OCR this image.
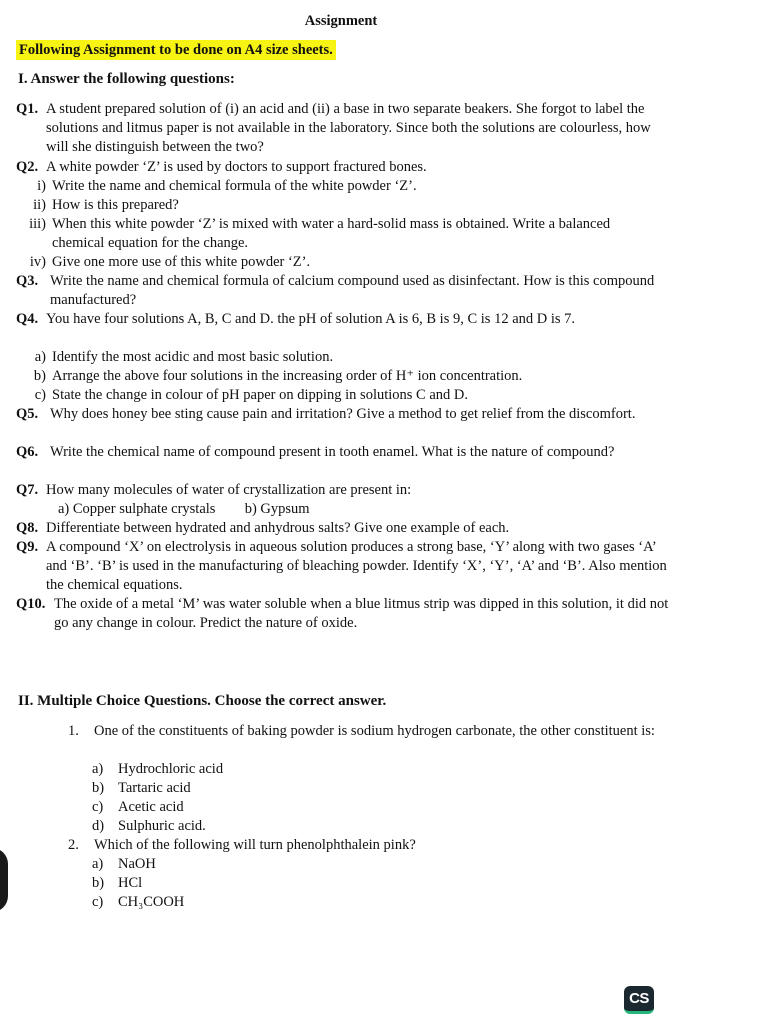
Assignment
Following Assignment to be done on A4 size sheets.
I. Answer the following questions:
Q1. A student prepared solution of (i) an acid and (ii) a base in two separate beakers. She forgot to label the solutions and litmus paper is not available in the laboratory. Since both the solutions are colourless, how will she distinguish between the two?
Q2. A white powder ‘Z’ is used by doctors to support fractured bones.
i) Write the name and chemical formula of the white powder ‘Z’.
ii) How is this prepared?
iii) When this white powder ‘Z’ is mixed with water a hard-solid mass is obtained. Write a balanced chemical equation for the change.
iv) Give one more use of this white powder ‘Z’.
Q3. Write the name and chemical formula of calcium compound used as disinfectant. How is this compound manufactured?
Q4. You have four solutions A, B, C and D. the pH of solution A is 6, B is 9, C is 12 and D is 7.
a) Identify the most acidic and most basic solution.
b) Arrange the above four solutions in the increasing order of H⁺ ion concentration.
c) State the change in colour of pH paper on dipping in solutions C and D.
Q5. Why does honey bee sting cause pain and irritation? Give a method to get relief from the discomfort.
Q6. Write the chemical name of compound present in tooth enamel. What is the nature of compound?
Q7. How many molecules of water of crystallization are present in:
a) Copper sulphate crystals b) Gypsum
Q8. Differentiate between hydrated and anhydrous salts? Give one example of each.
Q9. A compound ‘X’ on electrolysis in aqueous solution produces a strong base, ‘Y’ along with two gases ‘A’ and ‘B’. ‘B’ is used in the manufacturing of bleaching powder. Identify ‘X’, ‘Y’, ‘A’ and ‘B’. Also mention the chemical equations.
Q10. The oxide of a metal ‘M’ was water soluble when a blue litmus strip was dipped in this solution, it did not go any change in colour. Predict the nature of oxide.
II. Multiple Choice Questions. Choose the correct answer.
1.	One of the constituents of baking powder is sodium hydrogen carbonate, the other constituent is:
a) Hydrochloric acid
b) Tartaric acid
c) Acetic acid
d) Sulphuric acid.
2.	Which of the following will turn phenolphthalein pink?
a) NaOH
b) HCl
c) CH₃COOH
CS
